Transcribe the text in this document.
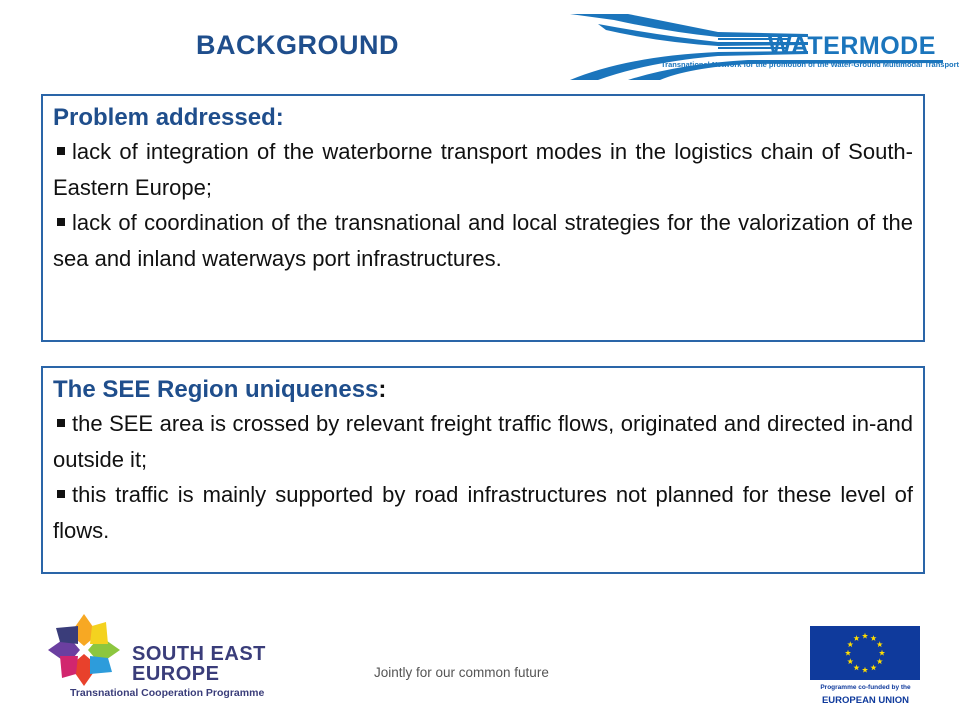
BACKGROUND	WATERMODE
Transnational Network for the promotion of the Water-Ground Multimodal Transport
Problem addressed:
lack of integration of the waterborne transport modes in the logistics chain of South-Eastern Europe;
lack of coordination of the transnational and local strategies for the valorization of the sea and inland waterways port infrastructures.
The SEE Region uniqueness:
the SEE area is crossed by relevant freight traffic flows, originated and directed in-and outside it;
this traffic is mainly supported by road infrastructures not planned for these level of flows.
SOUTH EAST
EUROPE
Transnational Cooperation Programme
Jointly for our common future
Programme co-funded by the
EUROPEAN UNION
